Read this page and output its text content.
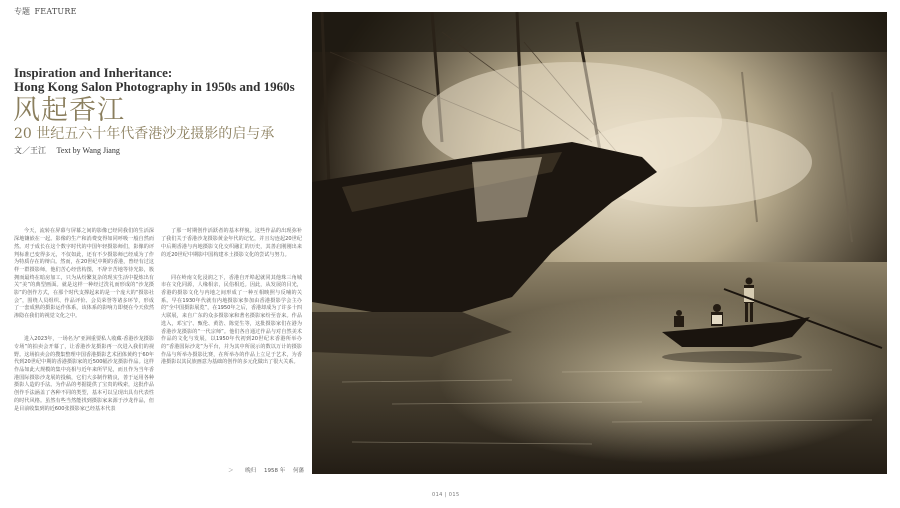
专题 FEATURE

Inspiration and Inheritance:

Hong Kong Salon Photography in 1950s and 1960s

风起香江

20 世纪五六十年代香港沙龙摄影的启与承

文／王江 Text by Wang Jiang

今天，流转在屏幕与屏幕之间的影像已经同我们的生活深深地镶嵌在一起。影像的生产和消费变得如同呼吸一般自然而然。对于成长在这个数字时代的中国年轻摄影师们，影像的评判标准已变得多元，不仅如此，还有不少摄影师已经成为了作为特质存在的辩白。然而，在20世纪中期的香港，曾经有过这样一群摄影师，他们苦心经营构图，不辞辛苦地等待光影，簇拥而最终在暗房加工，只为从纷繁复杂的现实生活中提炼出有关“美”的典型画面。就是这样一种经过洗礼而形成的“沙龙摄影”的创作方式，在那个时代支撑起来的是一个庞大的“摄影社会”，围绕人员组织、作品评价、会员荣誉等诸多环节，形成了一套成熟的摄影运作体系，该体系的影响力即便在今天依然渗隐在我们的视觉文化之中。

进入2023年，一场名为“亚洲重要私人收藏·香港沙龙摄影专场”的拍卖会开幕了，让香港沙龙摄影再一次进入我们的视野。这场拍卖会的搜集整理中国香港摄影艺术团体黄约于60年代到20世纪中期的香港摄影家的近500幅沙龙摄影作品。这样作品如此大规模的集中亮相与近年来所罕见，而且作为当年香港国际摄影沙龙展的投稿，它们大多制作精良，善于运用各种摄影人造的手法。为作品的考据提供了宝贵的线索，这批作品创作手法涵盖了各种不同的类型，基本可以呈现出具有代表性的时代风格。虽然有些当然能找到摄影家来源于沙龙作品，但是目前收集到的近600张摄影家已经基本代表

了那一时期创作活跃者的基本样貌。这些作品的出现弥补了我们关于香港沙龙摄影黄金年代的记忆，并且勾连起20世纪中后期香港与内地摄影文化交织融汇的历史，其善启刚刚出来的近20世纪中期影中国构建本土摄影文化的尝试与努力。

同在岭南文化浸润之下，香港自开埠起就同其他珠三角城市在文化同源，人缘相亲，民俗相近。因此，从发展的目光，香港的摄影文化与内地之间形成了一种互相映照与反哺的关系。早在1930年代就有内地摄影家参加由香港摄影学会主办的“全中国摄影展览”，在1950年之后，香港却成为了许多十四大联展，来自广东的众多摄影家和著名摄影家纷至沓来。作品选入，邓宝宁、甄伦、黄浩、陈觉生等，这批摄影家们在港为香港沙龙摄影的“一代宗师”。他们各自通过作品与对自然美术作品的文化与发展，以1950年代初到20世纪末香港所举办的“香港国际沙龙”为平台，并为其中所展示的数以万计的摄影作品与所举办摄影比赛，在所举办的作品上立足于艺术，为香港摄影以其民族画意为基础的创作的多元化做出了很大关系。

＞ 晚归 1958 年 何藩
014 | 015
